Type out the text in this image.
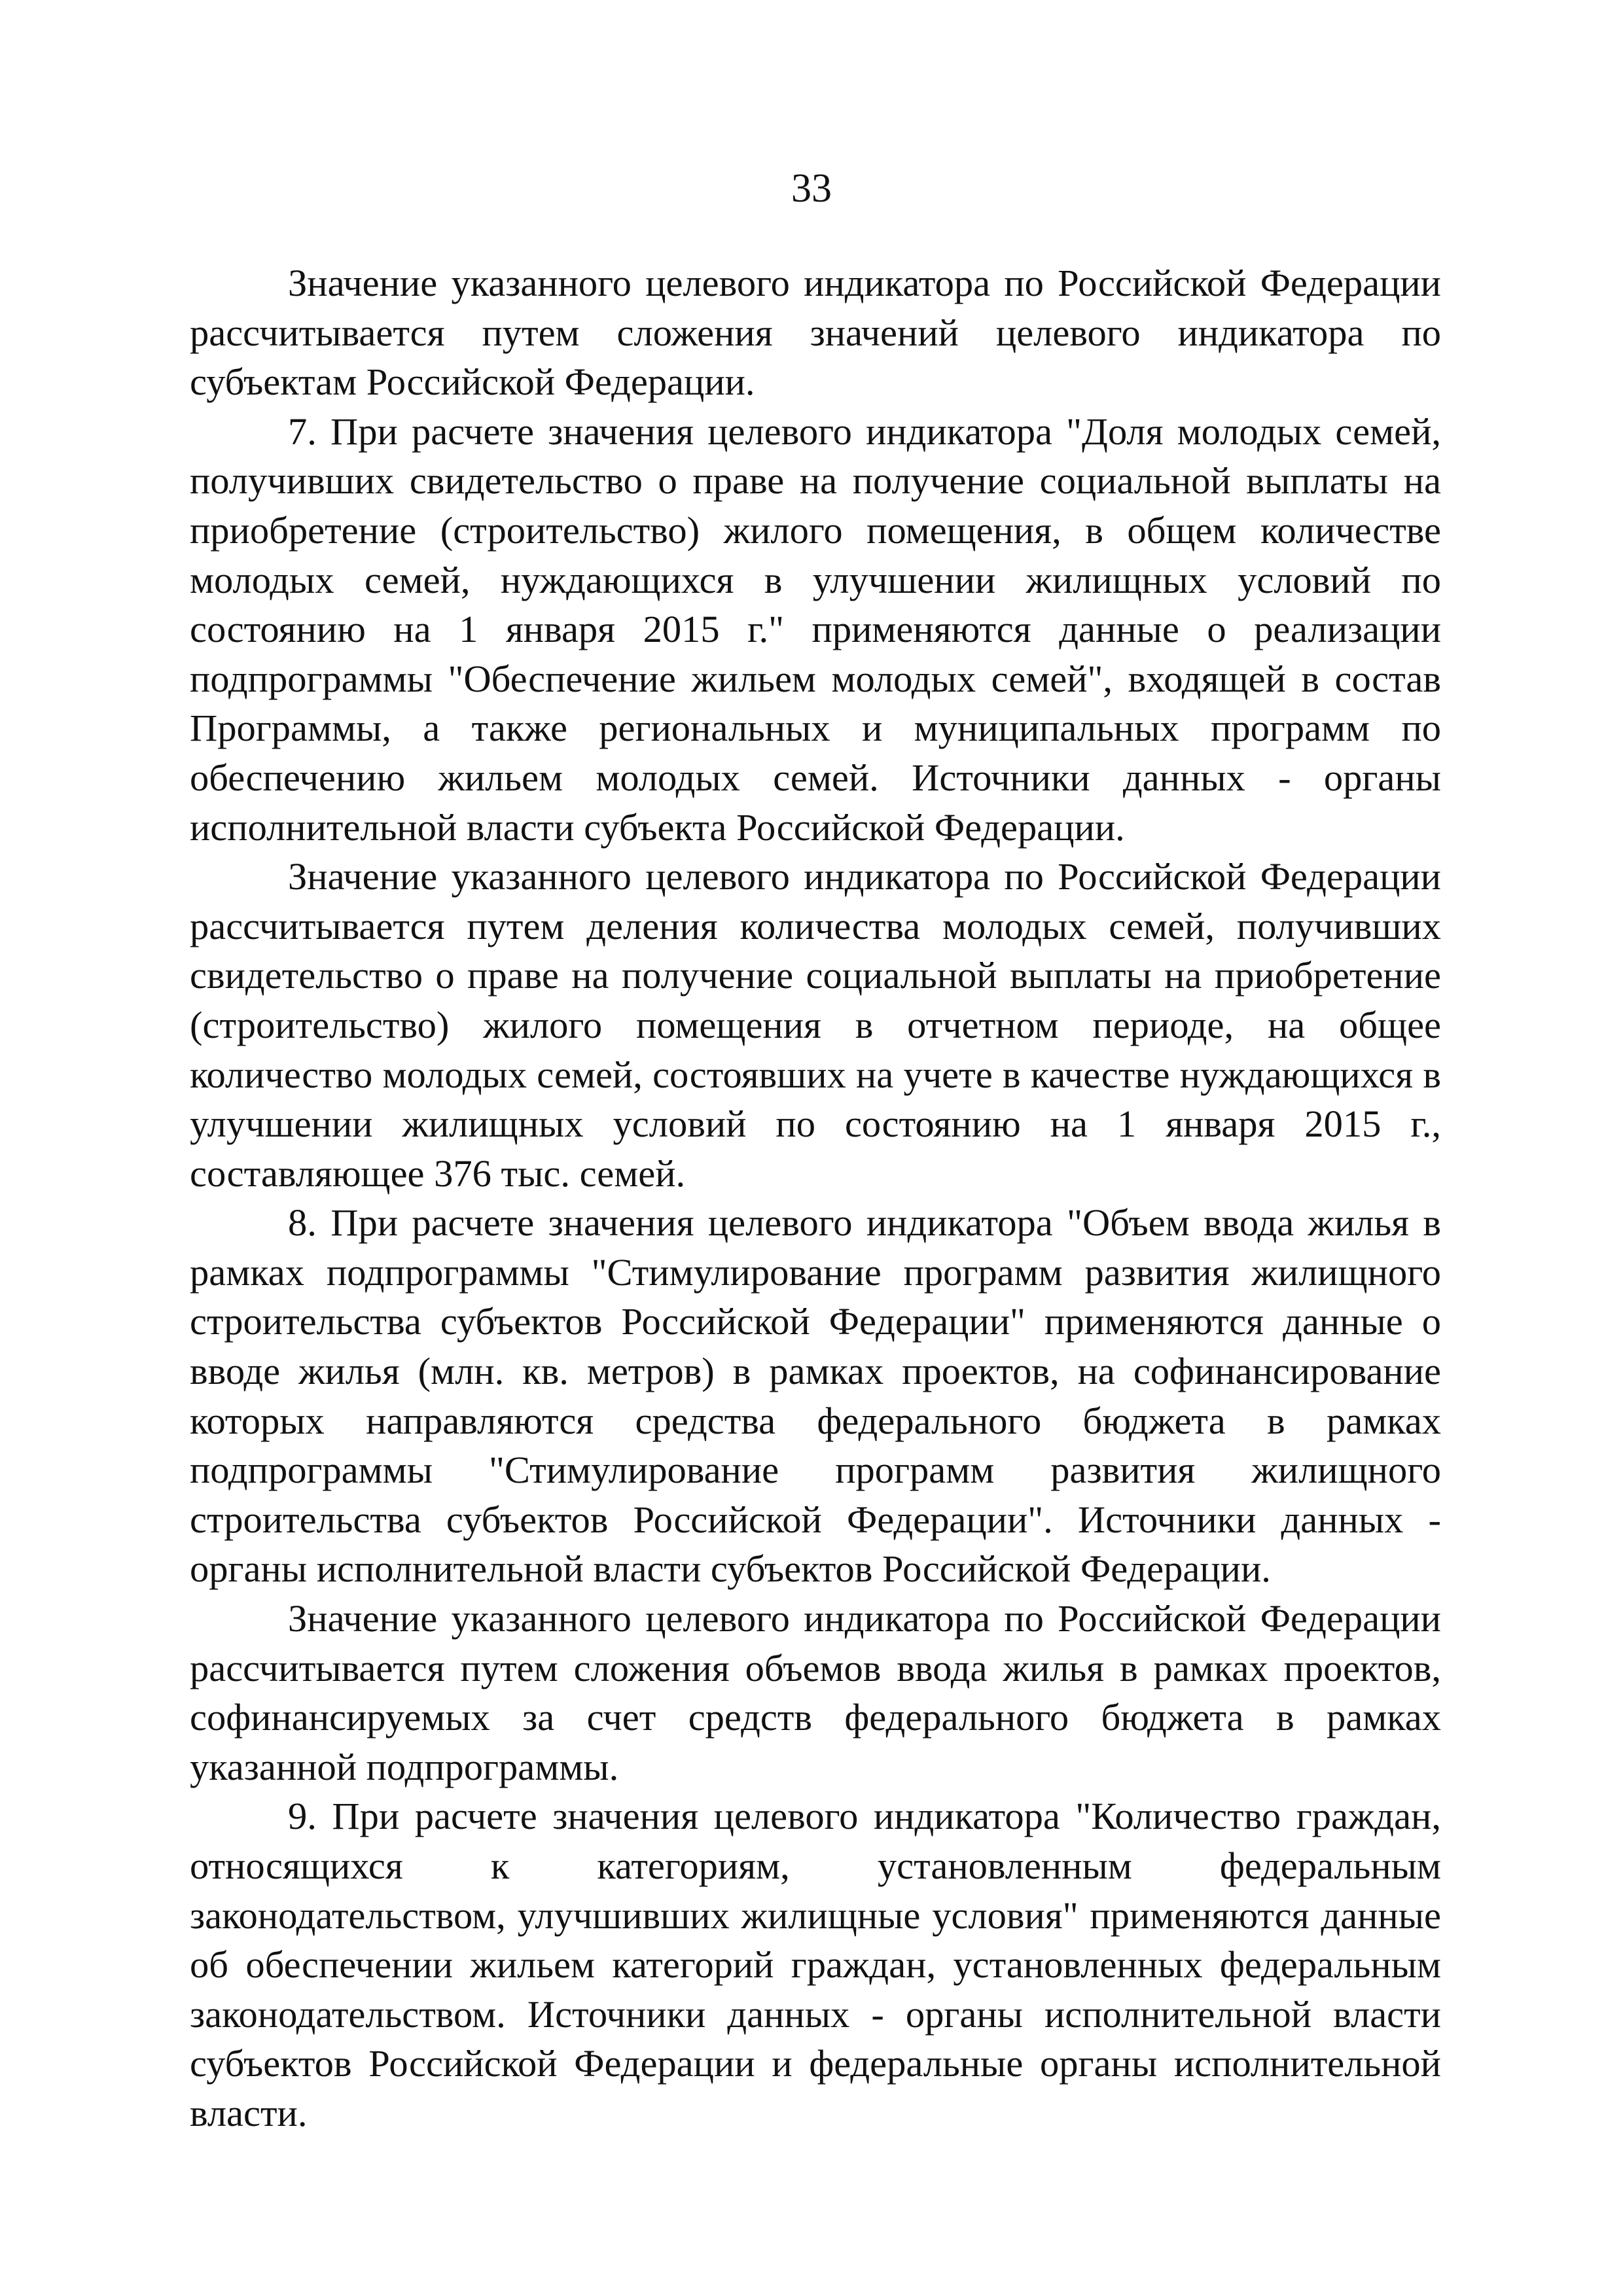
33

Значение указанного целевого индикатора по Российской Федерации рассчитывается путем сложения значений целевого индикатора по субъектам Российской Федерации.

7. При расчете значения целевого индикатора "Доля молодых семей, получивших свидетельство о праве на получение социальной выплаты на приобретение (строительство) жилого помещения, в общем количестве молодых семей, нуждающихся в улучшении жилищных условий по состоянию на 1 января 2015 г." применяются данные о реализации подпрограммы "Обеспечение жильем молодых семей", входящей в состав Программы, а также региональных и муниципальных программ по обеспечению жильем молодых семей. Источники данных - органы исполнительной власти субъекта Российской Федерации.

Значение указанного целевого индикатора по Российской Федерации рассчитывается путем деления количества молодых семей, получивших свидетельство о праве на получение социальной выплаты на приобретение (строительство) жилого помещения в отчетном периоде, на общее количество молодых семей, состоявших на учете в качестве нуждающихся в улучшении жилищных условий по состоянию на 1 января 2015 г., составляющее 376 тыс. семей.

8. При расчете значения целевого индикатора "Объем ввода жилья в рамках подпрограммы "Стимулирование программ развития жилищного строительства субъектов Российской Федерации" применяются данные о вводе жилья (млн. кв. метров) в рамках проектов, на софинансирование которых направляются средства федерального бюджета в рамках подпрограммы "Стимулирование программ развития жилищного строительства субъектов Российской Федерации". Источники данных - органы исполнительной власти субъектов Российской Федерации.

Значение указанного целевого индикатора по Российской Федерации рассчитывается путем сложения объемов ввода жилья в рамках проектов, софинансируемых за счет средств федерального бюджета в рамках указанной подпрограммы.

9. При расчете значения целевого индикатора "Количество граждан, относящихся к категориям, установленным федеральным законодательством, улучшивших жилищные условия" применяются данные об обеспечении жильем категорий граждан, установленных федеральным законодательством. Источники данных - органы исполнительной власти субъектов Российской Федерации и федеральные органы исполнительной власти.
